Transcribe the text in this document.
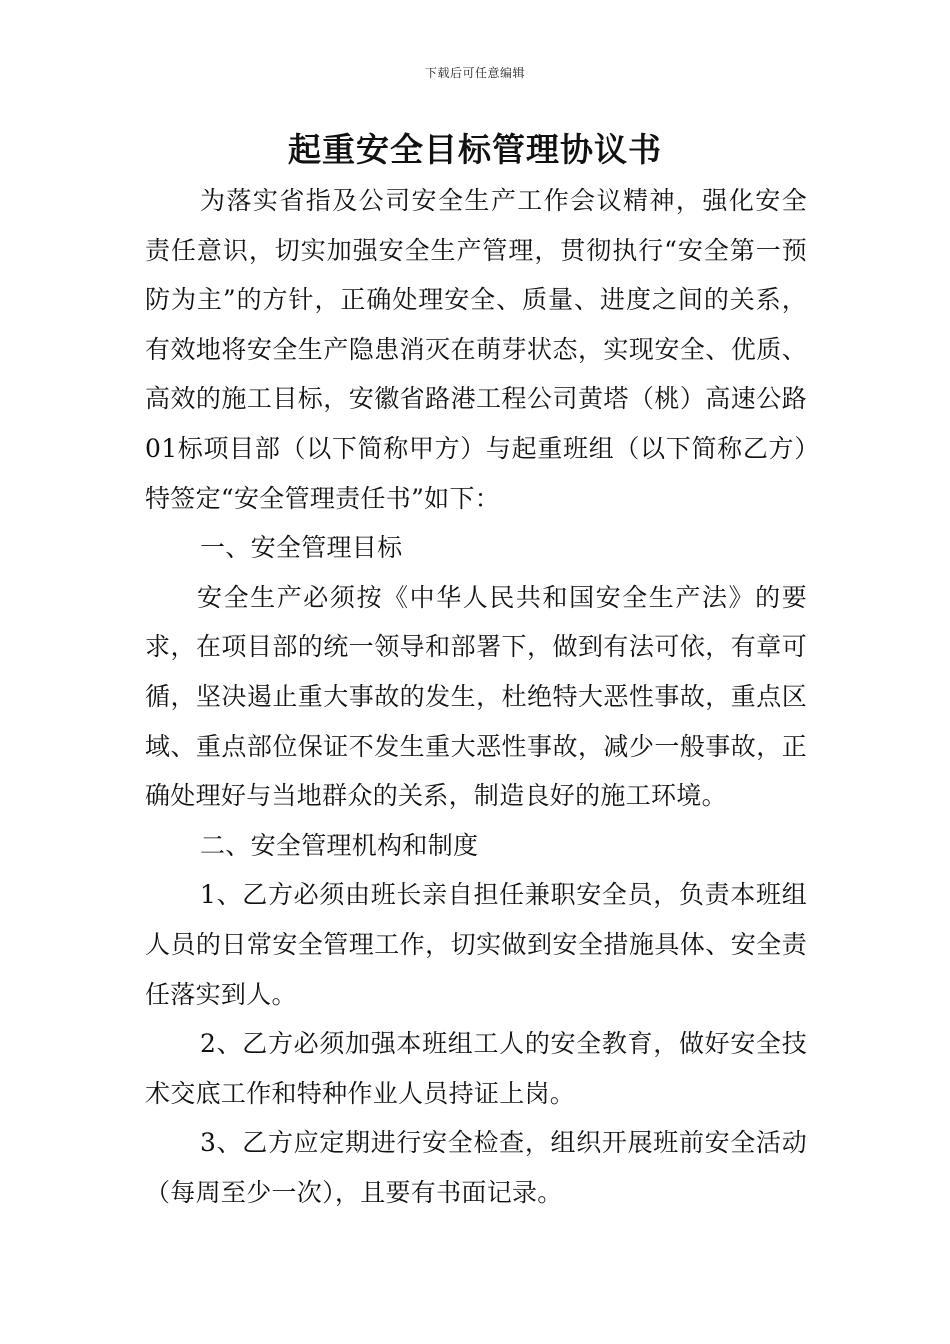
下载后可任意编辑
起重安全目标管理协议书

为落实省指及公司安全生产工作会议精神，强化安全责任意识，切实加强安全生产管理，贯彻执行“安全第一预防为主”的方针，正确处理安全、质量、进度之间的关系，有效地将安全生产隐患消灭在萌芽状态，实现安全、优质、高效的施工目标，安徽省路港工程公司黄塔（桃）高速公路01标项目部（以下简称甲方）与起重班组（以下简称乙方）特签定“安全管理责任书”如下：

一、安全管理目标

安全生产必须按《中华人民共和国安全生产法》的要求，在项目部的统一领导和部署下，做到有法可依，有章可循，坚决遏止重大事故的发生，杜绝特大恶性事故，重点区域、重点部位保证不发生重大恶性事故，减少一般事故，正确处理好与当地群众的关系，制造良好的施工环境。

二、安全管理机构和制度

1、乙方必须由班长亲自担任兼职安全员，负责本班组人员的日常安全管理工作，切实做到安全措施具体、安全责任落实到人。

2、乙方必须加强本班组工人的安全教育，做好安全技术交底工作和特种作业人员持证上岗。

3、乙方应定期进行安全检查，组织开展班前安全活动（每周至少一次），且要有书面记录。
